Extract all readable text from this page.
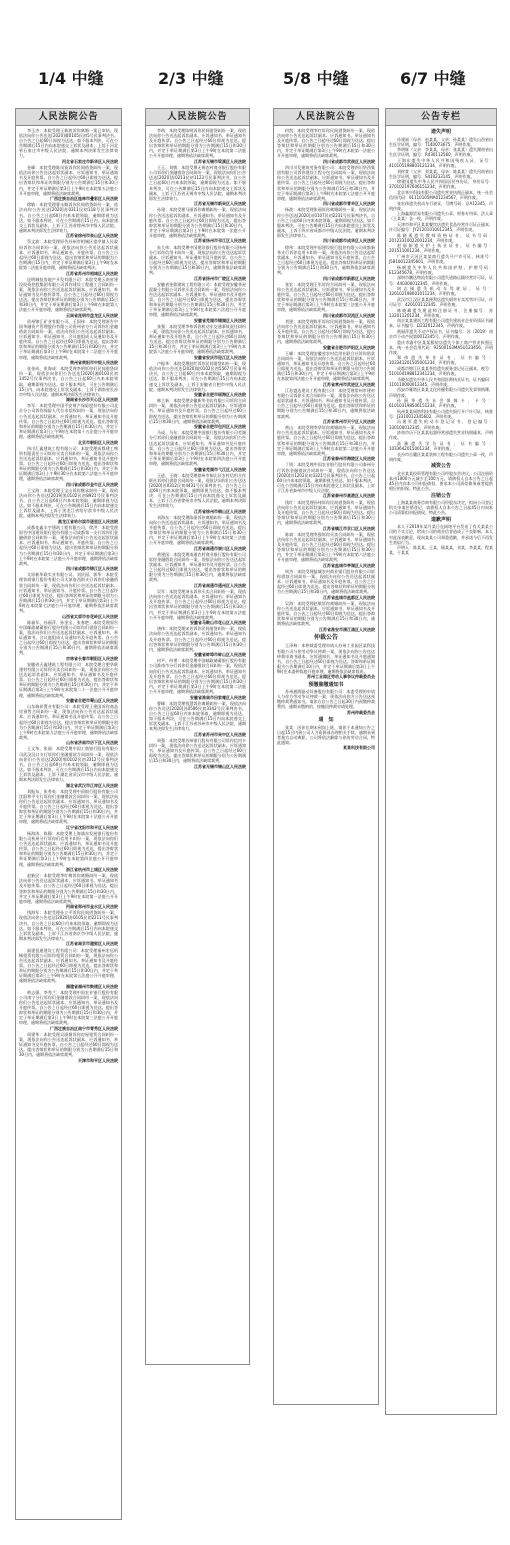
1/4 中缝	2/3 中缝	5/8 中缝	6/7 中缝
人民法院公告

李玉杰：本院受理王新波诉你离婚一案已审结，现依法向你公告送达[2020]冀0105民初5号民事判决书。自公告之日起60日即视为送达。如不服本判决，可在公告期满后15日内向本院递交上诉状及副本，上诉于河北省石家庄市中级人民法院。逾期本判决即发生法律效力。

河北省石家庄市新华区人民法院

金峰：本院受理陈凤贤诉你民间借贷纠纷一案，现依法向你公告送达起诉状副本、应诉通知书、举证通知书及开庭传票。自公告之日起经过60日即视为送达。提出答辩状和举证的期限分别为公告期满后15日和30日内，并定于举证期满后第3日上午9时在本院第五法庭公开开庭审理，逾期将依法缺席裁判。

广西壮族自治区桂林市叠彩区人民法院

徐敏：本院受理曹永顺诉你民间借贷纠纷一案，依法向你公告送达[2020]苏0311民初118号民事判决书。自公告之日起60日内来本院领取，逾期即视为送达。如不服本判决，可在公告期满后15日内，向本院递交上诉状及副本，上诉于江苏省徐州市中级人民法院。逾期本判决即发生法律效力。

江苏省徐州市泉山区人民法院

蔡文波：本院受理原告苏州市相城区望亭镇人民政府诉你合同纠纷一案，现依法向你公告送达起诉状副本、应诉通知书、举证通知书、开庭传票。自公告之日起经过60日即视为送达，提出答辩状和举证的期限为公告期满后15日内，并定于举证期满后第3日上午9时在本院第二法庭开庭审理，逾期将依法缺席判决。

江苏省苏州市相城区人民法院

昆明城投房地产开发有限公司：本院受理云南省建设投资控股集团有限公司诉你建设工程施工合同纠纷一案，现依法向你公告送达起诉状副本、应诉通知书、举证通知书及开庭传票等。自公告之日起经过60日即视为送达。提出答辩状和举证的期限分别为公告期满后15日和30日内，并定于举证期满后第3日上午9时在本院第八法庭公开开庭审理，逾期将依法缺席裁判。

云南省昆明市盘龙区人民法院

贵州锦汇矿业有限公司、王国伟：本院受理原告中国华融资产管理股份有限公司贵州省分公司诉你们金融借款合同纠纷一案，依法向你们公告送达起诉状副本、应诉通知书、举证通知书、合议庭组成人员通知书及开庭传票。自公告之日起经过60日即视为送达。提出答辩状和举证的期限分别为公告期满后15日和30日内，并定于举证期满后第3日上午9时在本院第十二法庭公开开庭审理，逾期将依法缺席裁判。

贵州省贵阳市中级人民法院

张金成、张海成：本院受理李明诉你们民间借贷纠纷一案，现依法向你们公告送达[2020]湘0103民初1452号民事判决书。自公告之日起60日内来本院领取，逾期即视为送达。如不服本判决，可在公告期满后15日内，向本院递交上诉状及副本，上诉于湖南省长沙市中级人民法院。逾期本判决即发生法律效力。

湖南省长沙市天心区人民法院

李军：本院受理中国平安财产保险股份有限公司北京分公司诉你保险人代位求偿权纠纷一案，现依法向你公告送达起诉状副本、应诉通知书、举证通知书及开庭传票。自公告之日起经过60日即视为送达。提出答辩状和举证的期限分别为公告期满后15日和30日内，并定于举证期满后第3日上午9时在本院第十五法庭公开开庭审理，逾期将依法缺席裁判。

北京市朝阳区人民法院

四川汇鑫建筑工程有限公司：本院受理成都建工物资有限责任公司诉你买卖合同纠纷一案，现依法向你公告送达起诉状副本、应诉通知书、举证通知书及开庭传票。自公告之日起经过60日即视为送达。提出答辩状和举证的期限分别为公告期满后15日和30日内，并定于举证期满后第3日上午9时30分在本院第六法庭公开开庭审理，逾期将依法缺席裁判。

四川省成都市金牛区人民法院

王宝海：本院受理王宝山诉你继承纠纷一案，现依法向你公告送达[2019]黑0102民初8921号民事判决书。自公告之日起60日内来本院领取，逾期即视为送达。如不服本判决，可在公告期满后15日内向本院递交上诉状及副本，上诉于黑龙江省哈尔滨市中级人民法院。逾期本判决即发生法律效力。

黑龙江省哈尔滨市道里区人民法院

成都佳鑫丰宇建筑工程有限公司、徐洪：本院受理原告中国建设银行股份有限公司成都第一支行诉你们金融借款合同纠纷一案，现依法向你们公告送达起诉状副本、应诉通知书、举证通知书、开庭传票。自公告之日起经过60日即视为送达，提出答辩状和举证的期限分别为公告期满后15日和30日内，并定于举证期满后第3日上午9时在本院第三法庭公开开庭审理，逾期将依法缺席裁判。

四川省成都市锦江区人民法院

太原新华联实业有限公司、刘庆国、郭华：本院受理晋商银行股份有限公司太原府西街支行诉你们金融借款合同纠纷一案，现依法向你们公告送达起诉状副本、应诉通知书、举证通知书、开庭传票。自公告之日起经过60日即视为送达。提出答辩状和举证的期限分别为公告期满后15日和30日内，并定于举证期满后第3日上午9时在本院第七法庭公开开庭审理，逾期将依法缺席裁判。

山西省太原市杏花岭区人民法院

陈福军、孙丽萍、孙金宝、张春艳：本院受理原告中国邮政储蓄银行股份有限公司诉你们借款合同纠纷一案，依法向你们公告送达起诉状副本、应诉通知书、举证通知书、合议庭组成人员通知书及开庭传票。自公告之日起经过60日即视为送达。提出答辩状和举证的期限分别为公告期满后15日和30日内，逾期将依法缺席裁判。

吉林省长春市朝阳区人民法院

安徽省天鑫建筑工程有限公司：本院受理合肥华联建材有限公司诉你买卖合同纠纷一案，现依法向你公告送达起诉状副本、应诉通知书、举证通知书及开庭传票。自公告之日起经过60日即视为送达。提出答辩状和举证的期限分别为公告期满后15日和30日内，并定于举证期满后第3日上午9时在本院第二十一法庭公开开庭审理，逾期将依法缺席裁判。

安徽省合肥市蜀山区人民法院

山东瑞祥置业有限公司：本院受理王建国诉你商品房预售合同纠纷一案，现依法向你公告送达起诉状副本、应诉通知书、举证通知书及开庭传票。自公告之日起经过60日即视为送达。提出答辩状和举证的期限分别为公告期满后15日和30日内，并定于举证期满后第3日上午9时在本院第九法庭公开开庭审理，逾期将依法缺席裁判。

山东省济南市历下区人民法院

王文华、张丽：本院受理中国工商银行股份有限公司武汉汉口支行诉你们金融借款合同纠纷一案，现依法向你们公告送达[2020]鄂0102民初3312号民事判决书。自公告之日起60日内来本院领取，逾期即视为送达。如不服本判决，可在公告期满后15日内向本院递交上诉状及副本，上诉于湖北省武汉市中级人民法院。逾期本判决即发生法律效力。

湖北省武汉市江岸区人民法院

刘振东、张秀英：本院受理中国银行股份有限公司沈阳和平支行诉你们金融借款合同纠纷一案，现依法向你们公告送达起诉状副本、应诉通知书、举证通知书及开庭传票。自公告之日起经过60日即视为送达。提出答辩状和举证的期限分别为公告期满后15日和30日内，并定于举证期满后第3日上午9时在本院第十法庭公开开庭审理，逾期将依法缺席裁判。

辽宁省沈阳市和平区人民法院

杨海涛、陈静：本院受理上海浦东发展银行股份有限公司杭州分行诉你们信用卡纠纷一案，现依法向你们公告送达起诉状副本、应诉通知书、举证通知书及开庭传票。自公告之日起经过60日即视为送达。提出答辩状和举证的期限分别为公告期满后15日和30日内，并定于举证期满后第3日上午9时在本院第四法庭公开开庭审理，逾期将依法缺席裁判。

浙江省杭州市上城区人民法院

赵新民：本院受理李红梅诉你离婚纠纷一案，现依法向你公告送达起诉状副本、应诉通知书、举证通知书及开庭传票。自公告之日起经过60日即视为送达。提出答辩状和举证的期限分别为公告期满后15日和30日内，并定于举证期满后第3日上午9时在本院第一法庭公开开庭审理，逾期将依法缺席裁判。

河南省郑州市金水区人民法院

钱海军：本院受理孙立平诉你民间借贷纠纷一案，现依法向你公告送达[2020]苏0105民初2211号民事判决书。自公告之日起60日内来本院领取，逾期即视为送达。如不服本判决，可在公告期满后15日内向本院递交上诉状及副本，上诉于江苏省南京市中级人民法院。逾期本判决即发生法律效力。

江苏省南京市建邺区人民法院

福建恒通建设工程有限公司：本院受理福州宏远机械租赁有限公司诉你租赁合同纠纷一案，现依法向你公告送达起诉状副本、应诉通知书、举证通知书及开庭传票。自公告之日起经过60日即视为送达。提出答辩状和举证的期限分别为公告期满后15日和30日内，并定于举证期满后第3日上午9时在本院第五法庭公开开庭审理，逾期将依法缺席裁判。

福建省福州市鼓楼区人民法院

黄志强、李秀兰：本院受理中国农业银行股份有限公司南宁分行诉你们金融借款合同纠纷一案，现依法向你们公告送达起诉状副本、应诉通知书、举证通知书及开庭传票。自公告之日起经过60日即视为送达。提出答辩状和举证的期限分别为公告期满后15日和30日内，并定于举证期满后第3日上午9时在本院第三法庭公开开庭审理，逾期将依法缺席裁判。

广西壮族自治区南宁市青秀区人民法院

周建华：本院受理吴丽娟诉你房屋租赁合同纠纷一案，现依法向你公告送达起诉状副本、应诉通知书、举证通知书及开庭传票。自公告之日起经过60日即视为送达。提出答辩状和举证的期限分别为公告期满后15日和30日内，逾期将依法缺席裁判。

天津市和平区人民法院

人民法院公告

李萌：本院受理陈明诉你民间借贷纠纷一案，现依法向你公告送达起诉状副本、应诉通知书、举证通知书及开庭传票。自公告之日起经过60日即视为送达。提出答辩状和举证的期限分别为公告期满后15日和30日内，并定于举证期满后第3日上午9时在本院第二法庭公开开庭审理，逾期将依法缺席裁判。

江苏省无锡市梁溪区人民法院

王玉、刘敏：本院受理无锡农村商业银行股份有限公司诉你们金融借款合同纠纷一案，现依法向你们公告送达[2020]苏0213民初1123号民事判决书。自公告之日起60日内来本院领取，逾期即视为送达。如不服本判决，可在公告期满后15日内向本院递交上诉状及副本，上诉于江苏省无锡市中级人民法院。逾期本判决即发生法律效力。

江苏省无锡市新吴区人民法院

孙建：本院受理马丽诉你离婚纠纷一案，现依法向你公告送达起诉状副本、应诉通知书、举证通知书及开庭传票。自公告之日起经过60日即视为送达。提出答辩状和举证的期限分别为公告期满后15日和30日内，并定于举证期满后第3日上午9时在本院第一法庭公开开庭审理，逾期将依法缺席裁判。

江苏省扬州市邗江区人民法院

朱大伟：本院受理中国建设银行股份有限公司扬州分行诉你信用卡纠纷一案，现依法向你公告送达起诉状副本、应诉通知书、举证通知书及开庭传票。自公告之日起经过60日即视为送达。提出答辩状和举证的期限分别为公告期满后15日和30日内，逾期将依法缺席裁判。

江苏省扬州市广陵区人民法院

安徽省金鼎建筑工程有限公司：本院受理安徽华星混凝土有限公司诉你买卖合同纠纷一案，现依法向你公告送达起诉状副本、应诉通知书、举证通知书及开庭传票。自公告之日起经过60日即视为送达。提出答辩状和举证的期限分别为公告期满后15日和30日内，并定于举证期满后第3日上午9时在本院第六法庭公开开庭审理，逾期将依法缺席裁判。

安徽省芜湖市镜湖区人民法院

张强：本院受理李伟诉你机动车交通事故责任纠纷一案，现依法向你公告送达起诉状副本、应诉通知书、举证通知书及开庭传票。自公告之日起经过60日即视为送达。提出答辩状和举证的期限分别为公告期满后15日和30日内，并定于举证期满后第3日上午9时在本院第八法庭公开开庭审理，逾期将依法缺席裁判。

安徽省安庆市迎江区人民法院

卢振华：本院受理赵红诉你民间借贷纠纷一案，现依法向你公告送达[2020]皖0102民初5567号民事判决书。自公告之日起60日内来本院领取，逾期即视为送达。如不服本判决，可在公告期满后15日内向本院递交上诉状及副本，上诉于安徽省合肥市中级人民法院。逾期本判决即发生法律效力。

安徽省合肥市瑶海区人民法院

韩立新：本院受理安徽新华书店有限公司诉你合同纠纷一案，现依法向你公告送达起诉状副本、应诉通知书、举证通知书及开庭传票。自公告之日起经过60日即视为送达。提出答辩状和举证的期限分别为公告期满后15日和30日内，逾期将依法缺席裁判。

安徽省合肥市包河区人民法院

马成、马东：本院受理中国银行股份有限公司芜湖分行诉你们金融借款合同纠纷一案，现依法向你们公告送达起诉状副本、应诉通知书、举证通知书及开庭传票。自公告之日起经过60日即视为送达。提出答辩状和举证的期限分别为公告期满后15日和30日内，并定于举证期满后第3日上午9时在本院第四法庭公开开庭审理，逾期将依法缺席裁判。

安徽省芜湖市弋江区人民法院

王进、王晓：本院受理徐州市铜山区农村信用合作联社诉你们借款合同纠纷一案，现依法向你们公告送达[2020]苏0312民初4431号民事判决书。自公告之日起60日内来本院领取，逾期即视为送达。如不服本判决，可在公告期满后15日内向本院递交上诉状及副本，上诉于江苏省徐州市中级人民法院。逾期本判决即发生法律效力。

江苏省徐州市铜山区人民法院

刘海东：本院受理陈丽诉你离婚纠纷一案，现依法向你公告送达起诉状副本、应诉通知书、举证通知书及开庭传票。自公告之日起经过60日即视为送达。提出答辩状和举证的期限分别为公告期满后15日和30日内，并定于举证期满后第3日上午9时在本院第三法庭公开开庭审理，逾期将依法缺席裁判。

江苏省南通市崇川区人民法院

黄建国：本院受理南通农村商业银行股份有限公司诉你金融借款合同纠纷一案，现依法向你公告送达起诉状副本、应诉通知书、举证通知书及开庭传票。自公告之日起经过60日即视为送达。提出答辩状和举证的期限分别为公告期满后15日和30日内，逾期将依法缺席裁判。

江苏省南通市通州区人民法院

吴军：本院受理汤永诉你买卖合同纠纷一案，现依法向你公告送达起诉状副本、应诉通知书、举证通知书及开庭传票。自公告之日起经过60日即视为送达。提出答辩状和举证的期限分别为公告期满后15日和30日内，并定于举证期满后第3日上午9时在本院第五法庭公开开庭审理，逾期将依法缺席裁判。

安徽省马鞍山市花山区人民法院

唐伟：本院受理宋芳诉你民间借贷纠纷一案，现依法向你公告送达起诉状副本、应诉通知书、举证通知书及开庭传票。自公告之日起经过60日即视为送达。提出答辩状和举证的期限分别为公告期满后15日和30日内，逾期将依法缺席裁判。

安徽省蚌埠市蚌山区人民法院

何平、何勇：本院受理中国邮政储蓄银行股份有限公司淮南市分行诉你们金融借款合同纠纷一案，现依法向你们公告送达起诉状副本、应诉通知书、举证通知书及开庭传票。自公告之日起经过60日即视为送达。提出答辩状和举证的期限分别为公告期满后15日和30日内，并定于举证期满后第3日上午9时在本院第二法庭公开开庭审理，逾期将依法缺席裁判。

安徽省淮南市田家庵区人民法院

曹峰：本院受理钱慧诉你离婚纠纷一案，现依法向你公告送达[2020]苏0506民初3342号民事判决书。自公告之日起60日内来本院领取，逾期即视为送达。如不服本判决，可在公告期满后15日内向本院递交上诉状及副本，上诉于江苏省苏州市中级人民法院。逾期本判决即发生法律效力。

江苏省苏州市吴中区人民法院

周强：本院受理苏州银行股份有限公司诉你信用卡纠纷一案，现依法向你公告送达起诉状副本、应诉通知书、举证通知书及开庭传票。自公告之日起经过60日即视为送达。提出答辩状和举证的期限分别为公告期满后15日和30日内，逾期将依法缺席裁判。

江苏省无锡市锡山区人民法院

人民法院公告

何凯：本院受理李红诉你民间借贷纠纷一案，现依法向你公告送达起诉状副本、应诉通知书、举证通知书及开庭传票。自公告之日起经过60日即视为送达。提出答辩状和举证的期限分别为公告期满后15日和30日内，并定于举证期满后第3日上午9时在本院第一法庭公开开庭审理，逾期将依法缺席裁判。

四川省成都市武侯区人民法院

四川川发建筑劳务有限公司：本院受理四川华西集团有限公司诉你建设工程分包合同纠纷一案，现依法向你公告送达起诉状副本、应诉通知书、举证通知书及开庭传票。自公告之日起经过60日即视为送达。提出答辩状和举证的期限分别为公告期满后15日和30日内，并定于举证期满后第3日上午9时在本院第七法庭公开开庭审理，逾期将依法缺席裁判。

四川省成都市青羊区人民法院

杨波：本院受理张丽诉你离婚纠纷一案，现依法向你公告送达[2020]川0107民初2231号民事判决书。自公告之日起60日内来本院领取，逾期即视为送达。如不服本判决，可在公告期满后15日内向本院递交上诉状及副本，上诉于四川省成都市中级人民法院。逾期本判决即发生法律效力。

四川省成都市成华区人民法院

徐伟：本院受理中国建设银行股份有限公司成都新华支行诉你信用卡纠纷一案，现依法向你公告送达起诉状副本、应诉通知书、举证通知书及开庭传票。自公告之日起经过60日即视为送达。提出答辩状和举证的期限分别为公告期满后15日和30日内，逾期将依法缺席裁判。

四川省成都市新都区人民法院

张宏：本院受理王军诉你合同纠纷一案，现依法向你公告送达起诉状副本、应诉通知书、举证通知书及开庭传票。自公告之日起经过60日即视为送达。提出答辩状和举证的期限分别为公告期满后15日和30日内，并定于举证期满后第3日上午9时在本院第三法庭公开开庭审理，逾期将依法缺席裁判。

四川省成都市双流区人民法院

刘建：本院受理陈军诉你民间借贷纠纷一案，现依法向你公告送达起诉状副本、应诉通知书、举证通知书及开庭传票。自公告之日起经过60日即视为送达。提出答辩状和举证的期限分别为公告期满后15日和30日内，逾期将依法缺席裁判。

安徽省合肥市庐阳区人民法院

王峰：本院受理安徽省农村信用社联合社诉你借款合同纠纷一案，现依法向你公告送达起诉状副本、应诉通知书、举证通知书及开庭传票。自公告之日起经过60日即视为送达。提出答辩状和举证的期限分别为公告期满后15日和30日内，并定于举证期满后第3日上午9时在本院第四法庭公开开庭审理，逾期将依法缺席裁判。

江苏省常州市武进区人民法院

江苏盛达建设工程有限公司：本院受理常州市建材有限公司诉你买卖合同纠纷一案，现依法向你公告送达起诉状副本、应诉通知书、举证通知书及开庭传票。自公告之日起经过60日即视为送达。提出答辩状和举证的期限分别为公告期满后15日和30日内，逾期将依法缺席裁判。

江苏省常州市天宁区人民法院

黄山：本院受理李华诉你离婚纠纷一案，现依法向你公告送达起诉状副本、应诉通知书、举证通知书及开庭传票。自公告之日起经过60日即视为送达。提出答辩状和举证的期限分别为公告期满后15日和30日内，并定于举证期满后第3日上午9时在本院第二法庭公开开庭审理，逾期将依法缺席裁判。

江苏省泰州市海陵区人民法院

丁明：本院受理中国农业银行股份有限公司泰州分行诉你金融借款合同纠纷一案，现依法向你公告送达[2020]苏1202民初3321号民事判决书。自公告之日起60日内来本院领取，逾期即视为送达。如不服本判决，可在公告期满后15日内向本院递交上诉状及副本，上诉于江苏省泰州市中级人民法院。

江苏省泰州市高港区人民法院

钱红：本院受理孙伟诉你民间借贷纠纷一案，现依法向你公告送达起诉状副本、应诉通知书、举证通知书及开庭传票。自公告之日起经过60日即视为送达。提出答辩状和举证的期限分别为公告期满后15日和30日内，逾期将依法缺席裁判。

江苏省镇江市京口区人民法院

陈斌：本院受理李强诉你买卖合同纠纷一案，现依法向你公告送达起诉状副本、应诉通知书、举证通知书及开庭传票。自公告之日起经过60日即视为送达。提出答辩状和举证的期限分别为公告期满后15日和30日内，并定于举证期满后第3日上午9时在本院第六法庭公开开庭审理，逾期将依法缺席裁判。

江苏省盐城市亭湖区人民法院

周杰：本院受理盐城农村商业银行股份有限公司诉你借款合同纠纷一案，现依法向你公告送达起诉状副本、应诉通知书、举证通知书及开庭传票。自公告之日起经过60日即视为送达。提出答辩状和举证的期限分别为公告期满后15日和30日内，逾期将依法缺席裁判。

江苏省盐城市盐都区人民法院

吴海：本院受理赵敏诉你离婚纠纷一案，现依法向你公告送达起诉状副本、应诉通知书、举证通知书及开庭传票。自公告之日起经过60日即视为送达。提出答辩状和举证的期限分别为公告期满后15日和30日内，逾期将依法缺席裁判。

江苏省淮安市清江浦区人民法院

仲裁公告

王泽林：本仲裁委受理申请人苏州工业园区某科技有限公司与你劳动争议仲裁一案，现依法向你公告送达仲裁申请书副本、应诉通知书、举证通知书及开庭通知书。自公告之日起经过60日即视为送达。答辩和举证期限为公告期满后10日内，并定于举证期满后第3日上午9时在本委仲裁庭开庭审理，逾期将依法缺席裁决。

苏州工业园区劳动人事争议仲裁委员会

预缴催缴通知书

苏州通润驱动设备股份有限公司：本委受理的申请人与你方劳动争议仲裁一案，现依法向你方公告送达预缴仲裁费通知书。请你方自公告之日起30日内预缴仲裁费用，逾期未缴纳的，按撤回仲裁申请处理。

苏州仲裁委员会

通　知

张某：因你长期未到岗上班，请你于本通知公告之日起15日内到公司人力资源部办理相关手续，逾期未到者视为自动离职，公司将依法解除与你的劳动合同。特此通知。

某某科技有限公司

公告专栏

遗失声明

孙建丽（母亲：赵某某，父亲：孙某某）遗失山西省出生医学证明，编号：T140073675，声明作废。

李明辉（父亲：李某某，母亲：张某某）遗失湖南省出生医学证明，编号：R430112560，声明作废。

王海东遗失中华人民共和国残疾人证，证号：410105198803121234，声明作废。

刘梓萱（父亲：刘某某，母亲：陈某某）遗失河南省出生医学证明，编号：S410233145，声明作废。

徐建国遗失中华人民共和国居民身份证，身份证号：370102197606151234，声明作废。

北京华兴科技有限公司遗失营业执照正副本，统一社会信用代码：91110105MA01234567，声明作废。

张宏伟遗失机动车行驶证，号牌号码：京A12345，声明作废。

上海鑫源贸易有限公司遗失公章、财务专用章、法人章（王某某）各一枚，声明作废。

天津市和平区某某餐饮店遗失食品经营许可证正副本，许可证编号：JY21201010012345，声明作废。

陈晓燕遗失教师资格证书，证书号码：20123310022001234，声明作废。

赵丽娟遗失护士执业证书，证书编号：201511001234，声明作废。

广州市天河区某某商行遗失开户许可证，核准号：J5810012345601，声明作废。

杨帆遗失中华人民共和国护照，护照号码：E12345678，声明作废。

深圳市鹏达物流有限公司遗失道路运输经营许可证，证号：440300012345，声明作废。

周志刚遗失机动车驾驶证，证号：320102198001011234，声明作废。

武汉市江汉区某某便利店遗失烟草专卖零售许可证，许可证号：420103112345，声明作废。

林晓峰遗失建造师注册证书，注册编号：苏132011201234，声明作废。

南京某某建筑工程有限公司遗失建筑业企业资质证书副本，证书编号：D232012345，声明作废。

黄丽萍遗失不动产权证书，证书编号：苏（2019）南京市不动产权第0012345号，声明作废。

重庆市渝中区某某服装店遗失个体工商户营业执照正本，统一社会信用代码：92500103MA5U123456，声明作废。

郑伟遗失毕业证书，证书编号：103341201505001234，声明作废。

成都市锦江区某某茶馆遗失税务登记证正副本，税号：510104198812341234，声明作废。

马晓东遗失中华人民共和国医师执业证书，证书编码：110110000012345，声明作废。

西安市雁塔区某某文化传播有限公司遗失发票领购簿，声明作废。

孙丽华遗失社会保障卡，卡号：610103198506151234，声明作废。

杭州某某网络科技有限公司遗失银行开户许可证，核准号：J3310012345602，声明作废。

冯建军遗失机动车登记证书，登记编号：330100012345，声明作废。

济南市历下区某某电器经营部遗失营业执照副本，声明作废。

高雅遗失学位证书，证书编号：1033642015001234，声明作废。

长沙市岳麓区某某装饰工程有限公司遗失公章一枚，声明作废。

减资公告

北京某某投资管理有限公司经股东会决议，公司注册资本由1000万元减少至100万元。请债权人自本公告之日起45日内向本公司申报债权，要求本公司清偿债务或者提供相应的担保。特此公告。

注销公告

上海某某商务咨询有限公司经股东决定，拟向公司登记机关申请注销登记，请债权人自本公告之日起45日内向本公司清算组申报债权。特此公告。

道歉声明

本人于2019年某月某日在网络平台发布了有关某某公司的不实言论，给该公司的商业信誉造成了不良影响。本人对此深表歉意，现向某某公司郑重道歉，并承诺今后不再发生类似行为。

声明人：陈某某、王某、顾某某、刘某、李某某、程某某、于某某
